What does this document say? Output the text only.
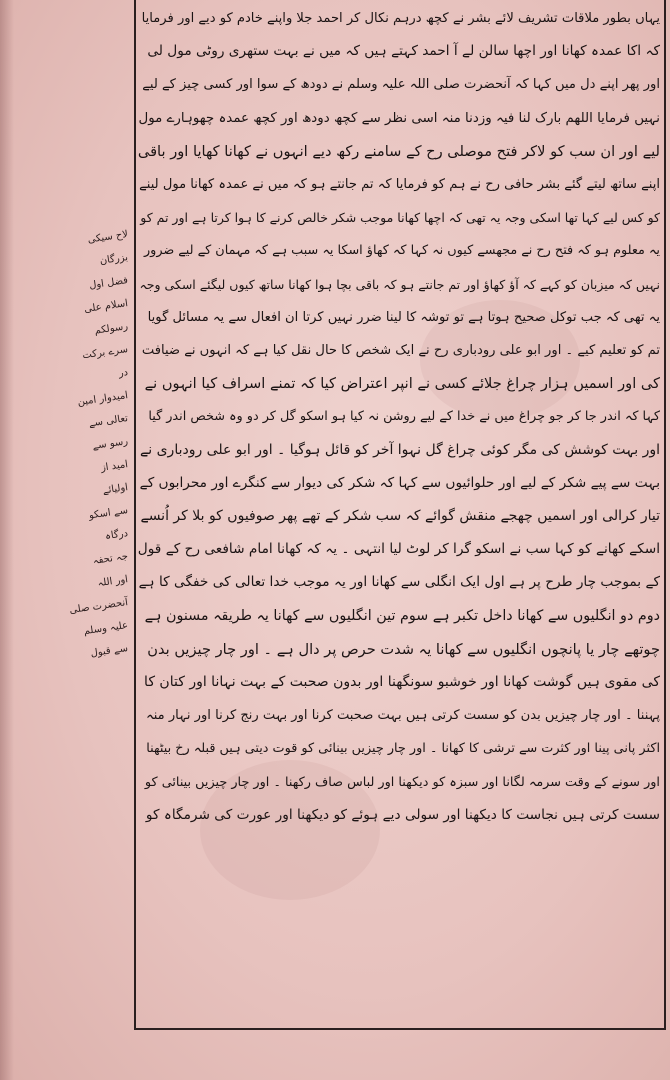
یہاں بطور ملاقات تشریف لائے بشر نے کچھ درہم نکال کر احمد جلا واپنے خادم کو دیے اور فرمایا
کہ اکا عمدہ کھانا اور اچھا سالن لے آ احمد کہتے ہیں کہ میں نے بہت ستھری روٹی مول لی
اور پھر اپنے دل میں کہا کہ آنحضرت صلی اللہ علیہ وسلم نے دودھ کے سوا اور کسی چیز کے لیے
نہیں فرمایا اللھم بارک لنا فیہ وزدنا منہ اسی نظر سے کچھ دودھ اور کچھ عمدہ چھوہارے مول
لیے اور ان سب کو لاکر فتح موصلی رح کے سامنے رکھ دیے انہوں نے کھانا کھایا اور باقی
اپنے ساتھ لیتے گئے بشر حافی رح نے ہم کو فرمایا کہ تم جانتے ہو کہ میں نے عمدہ کھانا مول لینے
کو کس لیے کہا تھا اسکی وجہ یہ تھی کہ اچھا کھانا موجب شکر خالص کرنے کا ہوا کرتا ہے اور تم کو
یہ معلوم ہو کہ فتح رح نے مجھسے کیوں نہ کہا کہ کھاؤ اسکا یہ سبب ہے کہ مہمان کے لیے ضرور
نہیں کہ میزبان کو کہے کہ آؤ کھاؤ اور تم جانتے ہو کہ باقی بچا ہوا کھانا ساتھ کیوں لیگئے اسکی وجہ
یہ تھی کہ جب توکل صحیح ہوتا ہے تو توشہ کا لینا ضرر نہیں کرتا ان افعال سے یہ مسائل گویا
تم کو تعلیم کیے ۔ اور ابو علی رودباری رح نے ایک شخص کا حال نقل کیا ہے کہ انہوں نے ضیافت
کی اور اسمیں ہزار چراغ جلائے کسی نے انپر اعتراض کیا کہ تمنے اسراف کیا انہوں نے
کہا کہ اندر جا کر جو چراغ میں نے خدا کے لیے روشن نہ کیا ہو اسکو گل کر دو وہ شخص اندر گیا
اور بہت کوشش کی مگر کوئی چراغ گل نہوا آخر کو قائل ہوگیا ۔ اور ابو علی رودباری نے
بہت سے پیے شکر کے لیے اور حلوائیوں سے کہا کہ شکر کی دیوار سے کنگرے اور محرابوں کے
تیار کرالی اور اسمیں چھجے منقش گوائے کہ سب شکر کے تھے پھر صوفیوں کو بلا کر اُنسے
اسکے کھانے کو کہا سب نے اسکو گرا کر لوٹ لیا انتہی ۔ یہ کہ کھانا امام شافعی رح کے قول
کے بموجب چار طرح پر ہے اول ایک انگلی سے کھانا اور یہ موجب خدا تعالی کی خفگی کا ہے
دوم دو انگلیوں سے کھانا داخل تکبر ہے سوم تین انگلیوں سے کھانا یہ طریقہ مسنون ہے
چوتھے چار یا پانچوں انگلیوں سے کھانا یہ شدت حرص پر دال ہے ۔ اور چار چیزیں بدن
کی مقوی ہیں گوشت کھانا اور خوشبو سونگھنا اور بدون صحبت کے بہت نہانا اور کتان کا
پہننا ۔ اور چار چیزیں بدن کو سست کرتی ہیں بہت صحبت کرنا اور بہت رنج کرنا اور نہار منہ
اکثر پانی پینا اور کثرت سے ترشی کا کھانا ۔ اور چار چیزیں بینائی کو قوت دیتی ہیں قبلہ رخ بیٹھنا
اور سونے کے وقت سرمہ لگانا اور سبزہ کو دیکھنا اور لباس صاف رکھنا ۔ اور چار چیزیں بینائی کو
سست کرتی ہیں نجاست کا دیکھنا اور سولی دیے ہوئے کو دیکھنا اور عورت کی شرمگاہ کو
لاح سیکی
بزرگان
فضل اول
اسلام علی
رسولکم
سرے برکت
در
امیدوار امین
تعالی سے
رسو سے
امید از
اولیائے
سے اسکو
درگاہ
جہ تحفہ
اور اللہ
آنحضرت صلی
علیہ وسلم
سے قبول
